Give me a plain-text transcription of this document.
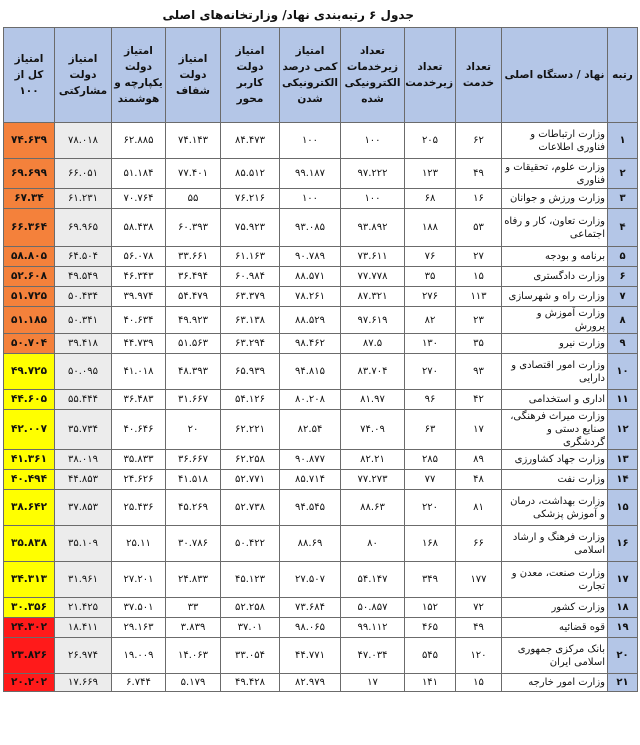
جدول ۶ رتبه‌بندی نهاد/ وزارتخانه‌های اصلی
رتبه	نهاد / دستگاه اصلی	تعداد خدمت	تعداد زیرخدمت	تعداد زیرخدمات الکترونیکی شده	امتیاز کمی درصد الکترونیکی شدن	امتیاز دولت کاربر محور	امتیاز دولت شفاف	امتیاز دولت یکپارچه و هوشمند	امتیاز دولت مشارکتی	امتیاز کل از ۱۰۰
۱	وزارت ارتباطات و فناوری اطلاعات	۶۲	۲۰۵	۱۰۰	۱۰۰	۸۴.۴۷۳	۷۴.۱۴۳	۶۲.۸۸۵	۷۸.۰۱۸	۷۴.۶۳۹
۲	وزارت علوم، تحقیقات و فناوری	۴۹	۱۲۳	۹۷.۲۲۲	۹۹.۱۸۷	۸۵.۵۱۲	۷۷.۴۰۱	۵۱.۱۸۴	۶۶.۰۵۱	۶۹.۶۹۹
۳	وزارت ورزش و جوانان	۱۶	۶۸	۱۰۰	۱۰۰	۷۶.۲۱۶	۵۵	۷۰.۷۶۴	۶۱.۲۳۱	۶۷.۳۴
۴	وزارت تعاون، کار و رفاه اجتماعی	۵۳	۱۸۸	۹۳.۸۹۲	۹۳.۰۸۵	۷۵.۹۲۳	۶۰.۳۹۳	۵۸.۴۳۸	۶۹.۹۶۵	۶۶.۳۶۴
۵	برنامه و بودجه	۲۷	۷۶	۷۳.۶۱۱	۹۰.۷۸۹	۶۱.۱۶۳	۳۳.۶۶۱	۵۶.۰۷۸	۶۴.۵۰۴	۵۸.۸۰۵
۶	وزارت دادگستری	۱۵	۳۵	۷۷.۷۷۸	۸۸.۵۷۱	۶۰.۹۸۴	۳۶.۴۹۴	۴۶.۳۴۳	۴۹.۵۴۹	۵۲.۶۰۸
۷	وزارت راه و شهرسازی	۱۱۳	۲۷۶	۸۷.۳۲۱	۷۸.۲۶۱	۶۳.۳۷۹	۵۴.۴۷۹	۳۹.۹۷۴	۵۰.۴۳۴	۵۱.۷۲۵
۸	وزارت آموزش و پرورش	۲۳	۸۲	۹۷.۶۱۹	۸۸.۵۲۹	۶۳.۱۳۸	۴۹.۹۲۳	۴۰.۶۳۴	۵۰.۳۴۱	۵۱.۱۸۵
۹	وزارت نیرو	۳۵	۱۳۰	۸۷.۵	۹۸.۴۶۲	۶۳.۲۹۴	۵۱.۵۶۳	۴۴.۷۳۹	۳۹.۴۱۸	۵۰.۷۰۴
۱۰	وزارت امور اقتصادی و دارایی	۹۳	۲۷۰	۸۳.۷۰۴	۹۴.۸۱۵	۶۵.۹۳۹	۴۸.۳۹۳	۴۱.۰۱۸	۵۰.۰۹۵	۴۹.۷۲۵
۱۱	اداری و استخدامی	۴۲	۹۶	۸۱.۹۷	۸۰.۲۰۸	۵۴.۱۲۶	۳۱.۶۶۷	۳۶.۴۸۳	۵۵.۴۴۴	۴۴.۶۰۵
۱۲	وزارت میراث فرهنگی، صنایع دستی و گردشگری	۱۷	۶۳	۷۴.۰۹	۸۲.۵۴	۶۲.۲۲۱	۲۰	۴۰.۶۴۶	۳۵.۷۳۴	۴۲.۰۰۷
۱۳	وزارت جهاد کشاورزی	۸۹	۲۸۵	۸۲.۲۱	۹۰.۸۷۷	۶۲.۲۵۸	۳۶.۶۶۷	۳۵.۸۳۳	۳۸.۰۱۹	۴۱.۳۶۱
۱۴	وزارت نفت	۴۸	۷۷	۷۷.۲۷۳	۸۵.۷۱۴	۵۲.۷۷۱	۴۱.۵۱۸	۲۴.۶۲۶	۴۴.۸۵۳	۴۰.۴۹۴
۱۵	وزارت بهداشت، درمان و آموزش پزشکی	۸۱	۲۲۰	۸۸.۶۳	۹۴.۵۴۵	۵۲.۷۳۸	۴۵.۲۶۹	۲۵.۴۳۶	۳۷.۸۵۳	۳۸.۶۴۲
۱۶	وزارت فرهنگ و ارشاد اسلامی	۶۶	۱۶۸	۸۰	۸۸.۶۹	۵۰.۴۲۲	۳۰.۷۸۶	۲۵.۱۱	۳۵.۱۰۹	۳۵.۸۳۸
۱۷	وزارت صنعت، معدن و تجارت	۱۷۷	۳۴۹	۵۴.۱۴۷	۲۷.۵۰۷	۴۵.۱۲۳	۲۴.۸۳۳	۲۷.۲۰۱	۳۱.۹۶۱	۳۴.۳۱۳
۱۸	وزارت کشور	۷۲	۱۵۲	۵۰.۸۵۷	۷۳.۶۸۴	۵۲.۲۵۸	۳۳	۳۷.۵۰۱	۲۱.۴۲۵	۳۰.۳۵۶
۱۹	قوه قضائیه	۴۹	۴۶۵	۹۹.۱۱۲	۹۸.۰۶۵	۳۷.۰۱	۳.۸۳۹	۲۹.۱۶۳	۱۸.۴۱۱	۲۴.۳۰۲
۲۰	بانک مرکزی جمهوری اسلامی ایران	۱۲۰	۵۴۵	۴۷.۰۳۴	۴۴.۷۷۱	۳۳.۰۵۴	۱۴.۰۶۳	۱۹.۰۰۹	۲۶.۹۷۴	۲۳.۸۲۶
۲۱	وزارت امور خارجه	۱۵	۱۴۱	۱۷	۸۲.۹۷۹	۴۹.۴۲۸	۵.۱۷۹	۶.۷۴۴	۱۷.۶۶۹	۲۰.۲۰۲
